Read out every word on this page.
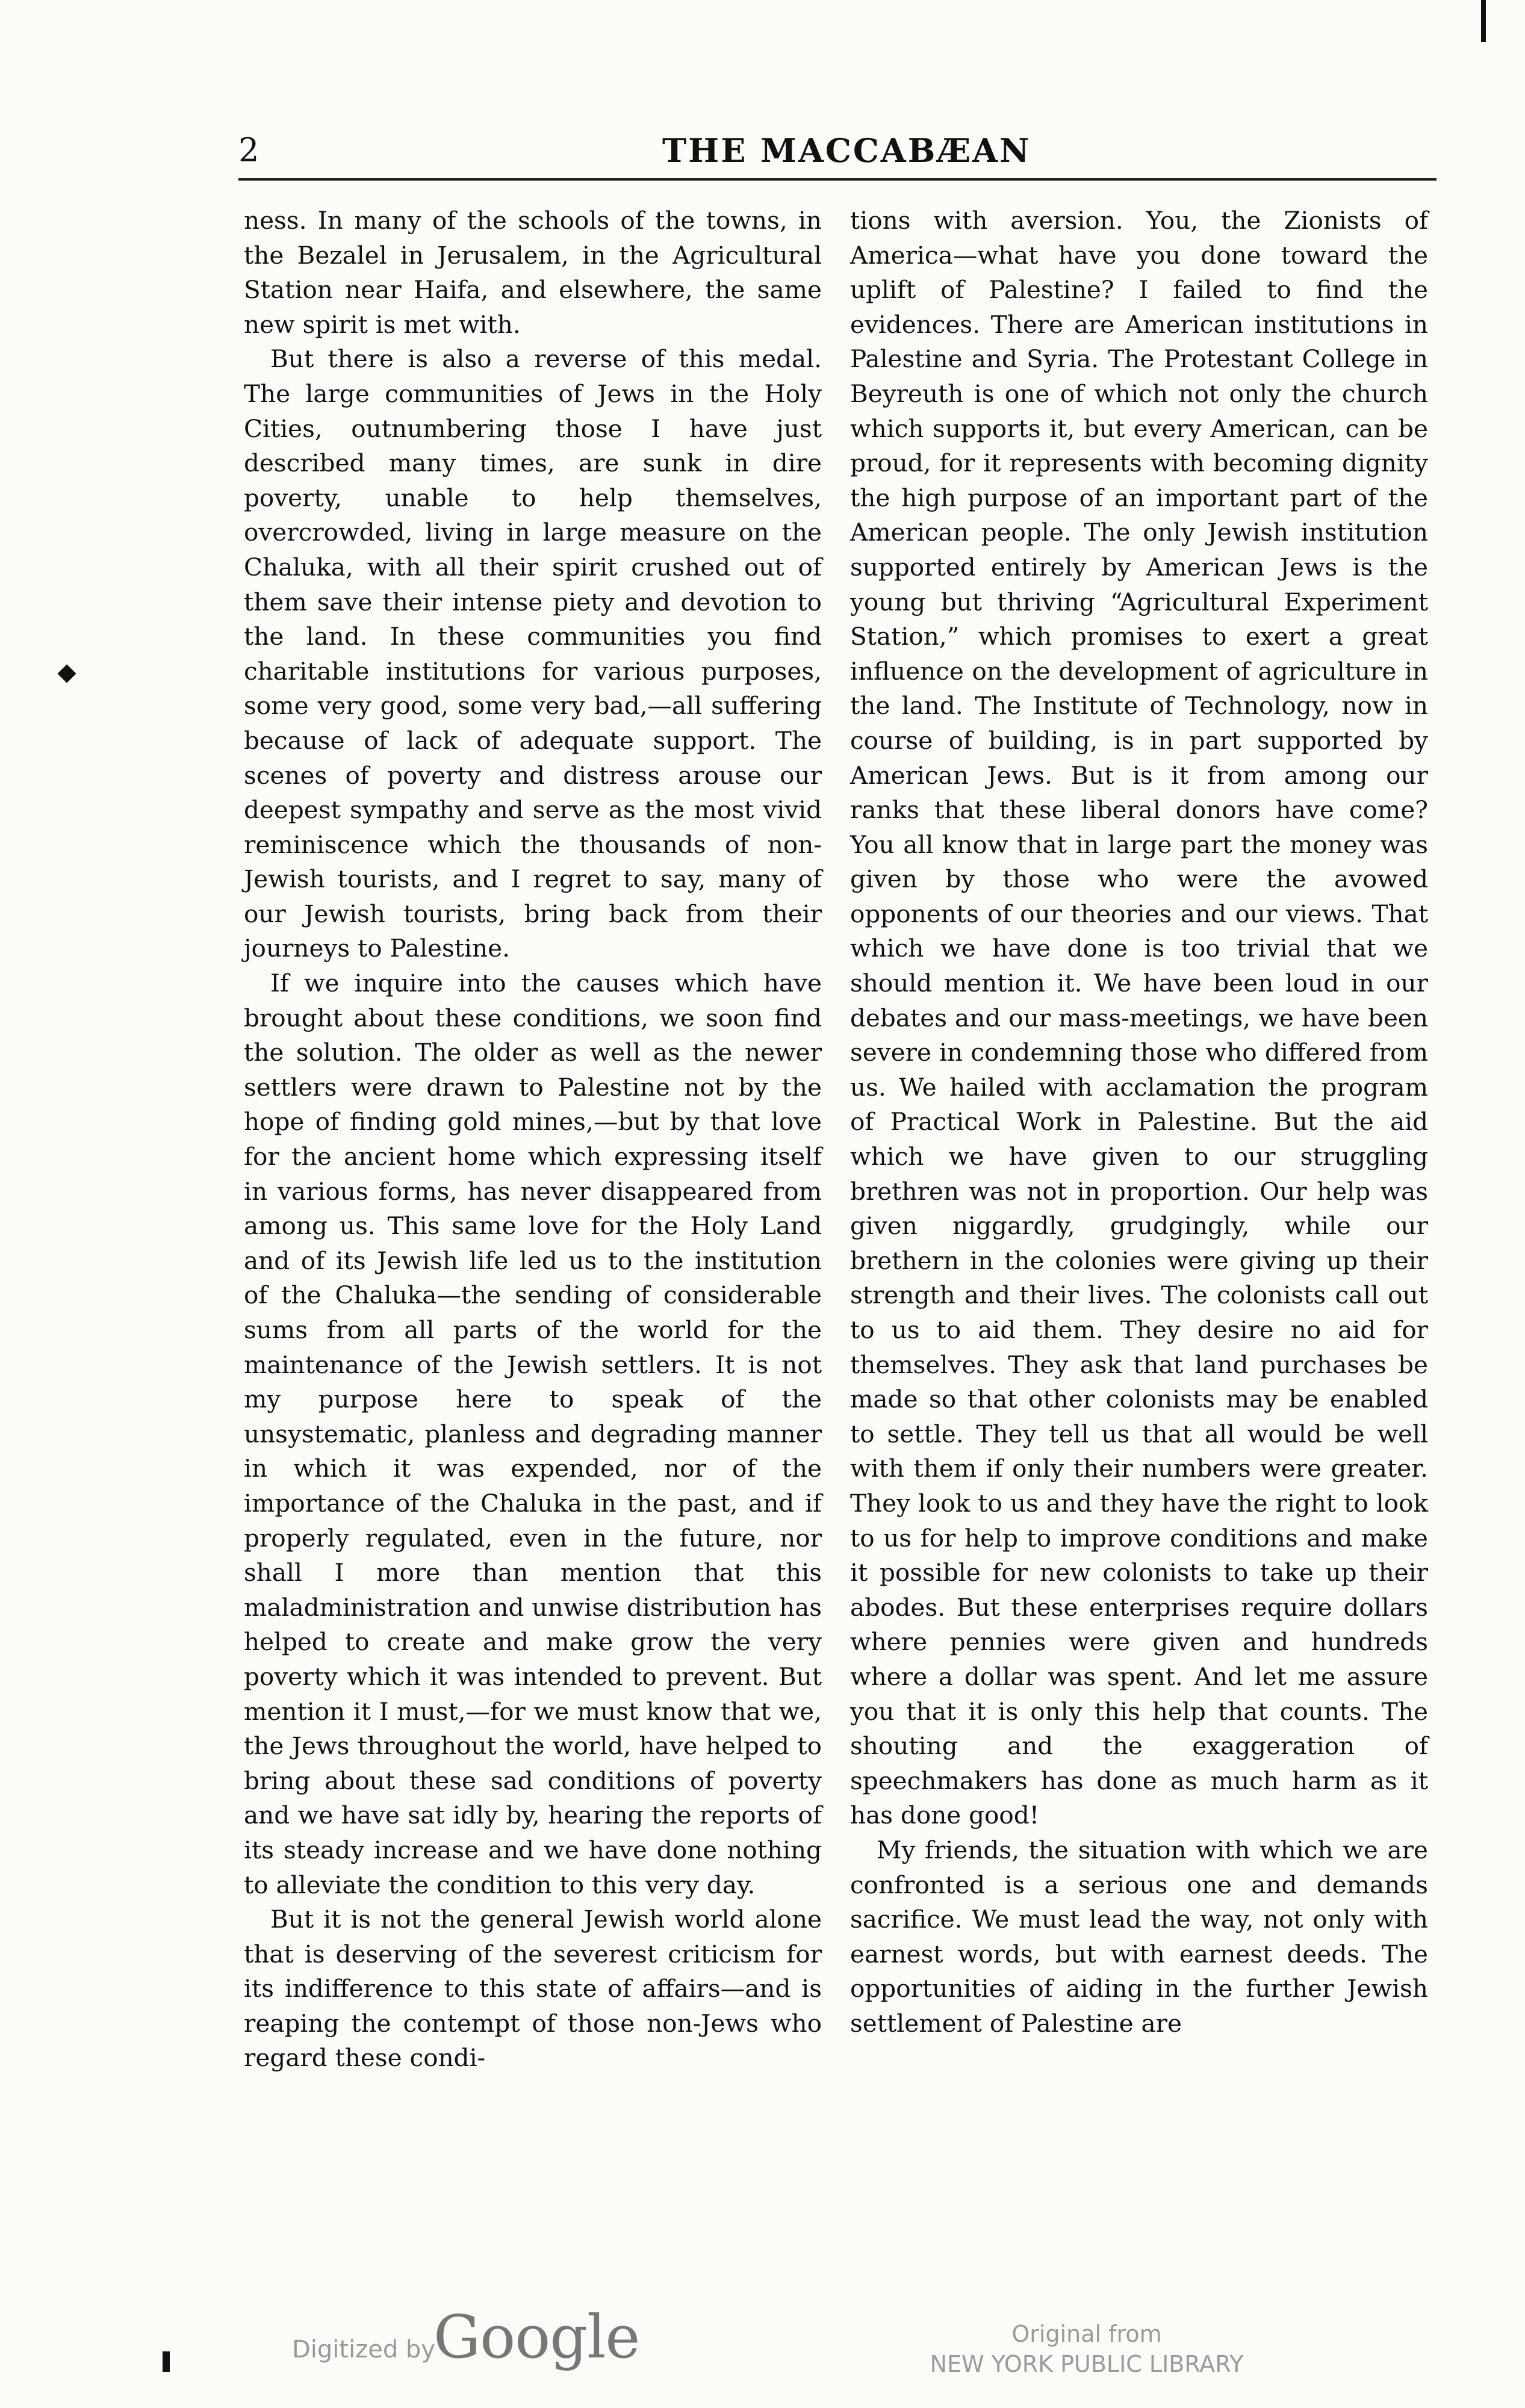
2	THE MACCABÆAN

ness. In many of the schools of the towns, in the Bezalel in Jerusalem, in the Agricultural Station near Haifa, and elsewhere, the same new spirit is met with.

But there is also a reverse of this medal. The large communities of Jews in the Holy Cities, outnumbering those I have just described many times, are sunk in dire poverty, unable to help themselves, overcrowded, living in large measure on the Chaluka, with all their spirit crushed out of them save their intense piety and devotion to the land. In these communities you find charitable institutions for various purposes, some very good, some very bad,—all suffering because of lack of adequate support. The scenes of poverty and distress arouse our deepest sympathy and serve as the most vivid reminiscence which the thousands of non-Jewish tourists, and I regret to say, many of our Jewish tourists, bring back from their journeys to Palestine.

If we inquire into the causes which have brought about these conditions, we soon find the solution. The older as well as the newer settlers were drawn to Palestine not by the hope of finding gold mines,—but by that love for the ancient home which expressing itself in various forms, has never disappeared from among us. This same love for the Holy Land and of its Jewish life led us to the institution of the Chaluka—the sending of considerable sums from all parts of the world for the maintenance of the Jewish settlers. It is not my purpose here to speak of the unsystematic, planless and degrading manner in which it was expended, nor of the importance of the Chaluka in the past, and if properly regulated, even in the future, nor shall I more than mention that this maladministration and unwise distribution has helped to create and make grow the very poverty which it was intended to prevent. But mention it I must,—for we must know that we, the Jews throughout the world, have helped to bring about these sad conditions of poverty and we have sat idly by, hearing the reports of its steady increase and we have done nothing to alleviate the condition to this very day.

But it is not the general Jewish world alone that is deserving of the severest criticism for its indifference to this state of affairs—and is reaping the contempt of those non-Jews who regard these condi-

tions with aversion. You, the Zionists of America—what have you done toward the uplift of Palestine? I failed to find the evidences. There are American institutions in Palestine and Syria. The Protestant College in Beyreuth is one of which not only the church which supports it, but every American, can be proud, for it represents with becoming dignity the high purpose of an important part of the American people. The only Jewish institution supported entirely by American Jews is the young but thriving “Agricultural Experiment Station,” which promises to exert a great influence on the development of agriculture in the land. The Institute of Technology, now in course of building, is in part supported by American Jews. But is it from among our ranks that these liberal donors have come? You all know that in large part the money was given by those who were the avowed opponents of our theories and our views. That which we have done is too trivial that we should mention it. We have been loud in our debates and our mass-meetings, we have been severe in condemning those who differed from us. We hailed with acclamation the program of Practical Work in Palestine. But the aid which we have given to our struggling brethren was not in proportion. Our help was given niggardly, grudgingly, while our brethern in the colonies were giving up their strength and their lives. The colonists call out to us to aid them. They desire no aid for themselves. They ask that land purchases be made so that other colonists may be enabled to settle. They tell us that all would be well with them if only their numbers were greater. They look to us and they have the right to look to us for help to improve conditions and make it possible for new colonists to take up their abodes. But these enterprises require dollars where pennies were given and hundreds where a dollar was spent. And let me assure you that it is only this help that counts. The shouting and the exaggeration of speechmakers has done as much harm as it has done good!

My friends, the situation with which we are confronted is a serious one and demands sacrifice. We must lead the way, not only with earnest words, but with earnest deeds. The opportunities of aiding in the further Jewish settlement of Palestine are

Digitized by
Google	Original from
NEW YORK PUBLIC LIBRARY
